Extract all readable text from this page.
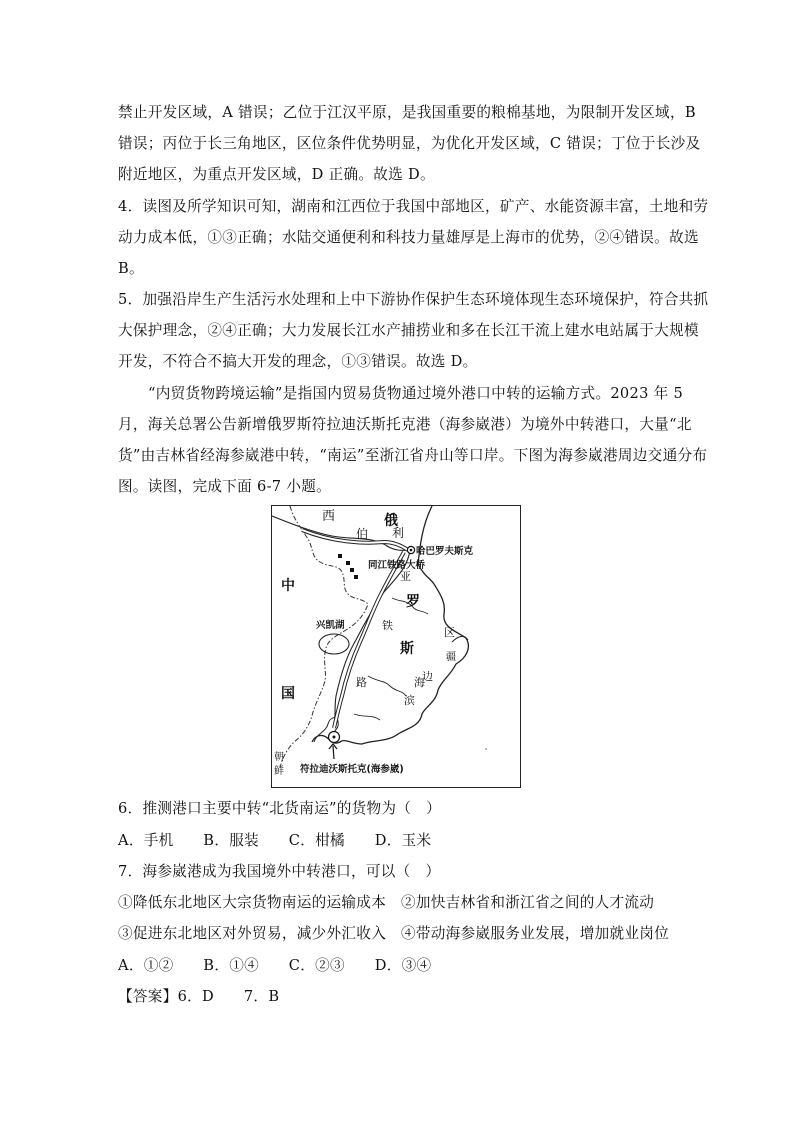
禁止开发区域，A 错误；乙位于江汉平原，是我国重要的粮棉基地，为限制开发区域，B
错误；丙位于长三角地区，区位条件优势明显，为优化开发区域，C 错误；丁位于长沙及
附近地区，为重点开发区域，D 正确。故选 D。
4．读图及所学知识可知，湖南和江西位于我国中部地区，矿产、水能资源丰富，土地和劳
动力成本低，①③正确；水陆交通便利和科技力量雄厚是上海市的优势，②④错误。故选
B。
5．加强沿岸生产生活污水处理和上中下游协作保护生态环境体现生态环境保护，符合共抓
大保护理念，②④正确；大力发展长江水产捕捞业和多在长江干流上建水电站属于大规模
开发，不符合不搞大开发的理念，①③错误。故选 D。
“内贸货物跨境运输”是指国内贸易货物通过境外港口中转的运输方式。2023 年 5
月，海关总署公告新增俄罗斯符拉迪沃斯托克港（海参崴港）为境外中转港口，大量“北
货”由吉林省经海参崴港中转，“南运”至浙江省舟山等口岸。下图为海参崴港周边交通分布
图。读图，完成下面 6-7 小题。
西
伯 利
俄
哈巴罗夫斯克
同江铁路大桥
亚
罗
铁
区
中
斯
疆
兴凯湖
边
路	海
国	滨
朝
鲜 符拉迪沃斯托克(海参崴)
6．推测港口主要中转“北货南运”的货物为（　）
A．手机　　B．服装　　C．柑橘　　D．玉米
7．海参崴港成为我国境外中转港口，可以（　）
①降低东北地区大宗货物南运的运输成本　②加快吉林省和浙江省之间的人才流动
③促进东北地区对外贸易，减少外汇收入　④带动海参崴服务业发展，增加就业岗位
A．①②　　B．①④　　C．②③　　D．③④
【答案】6．D　　7．B
